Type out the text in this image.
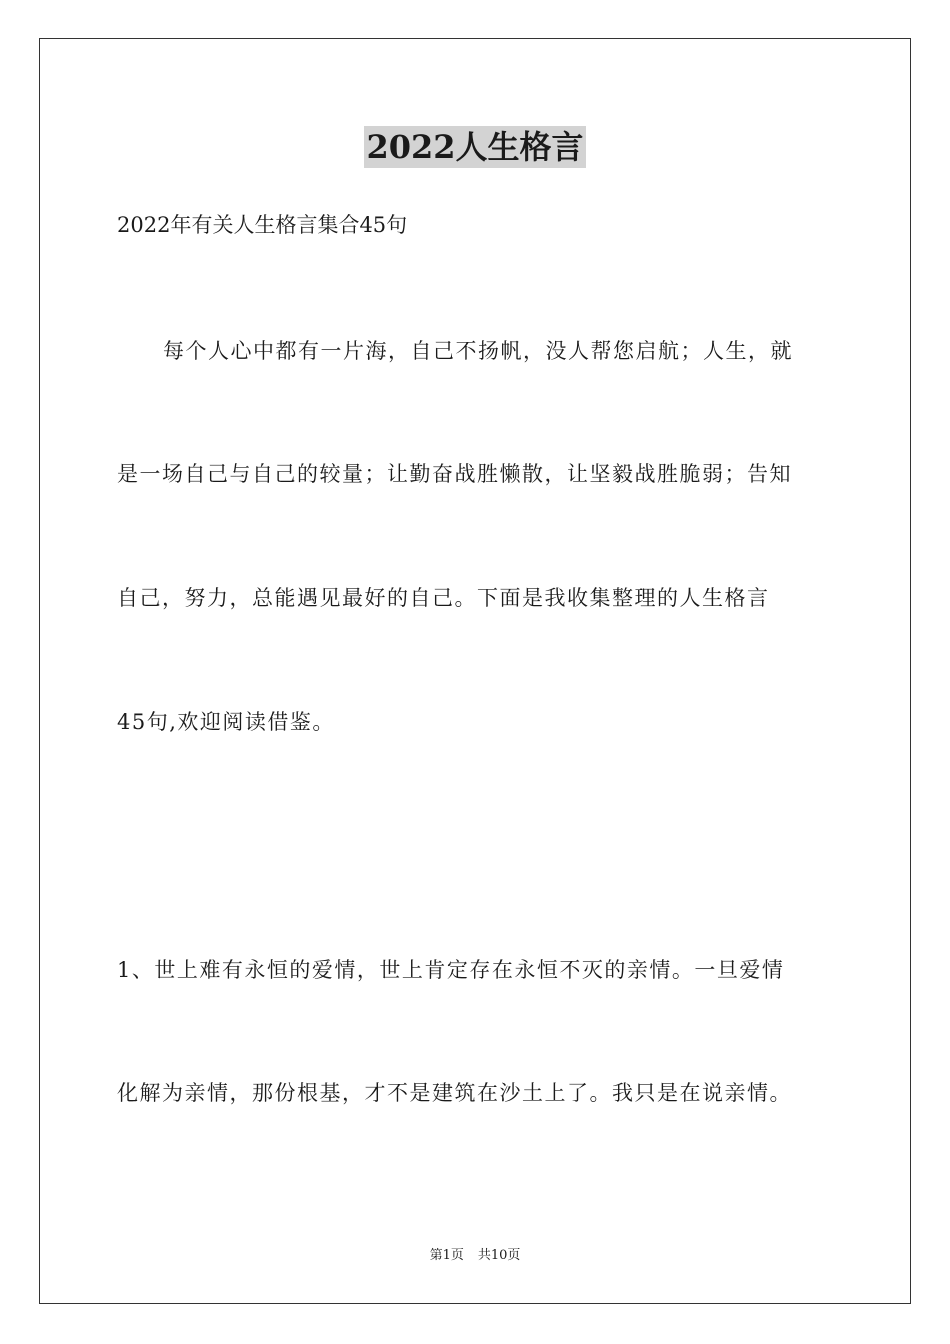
2022人生格言
2022年有关人生格言集合45句
每个人心中都有一片海，自己不扬帆，没人帮您启航；人生，就
是一场自己与自己的较量；让勤奋战胜懒散，让坚毅战胜脆弱；告知
自己，努力，总能遇见最好的自己。下面是我收集整理的人生格言
45句,欢迎阅读借鉴。
1、世上难有永恒的爱情，世上肯定存在永恒不灭的亲情。一旦爱情
化解为亲情，那份根基，才不是建筑在沙土上了。我只是在说亲情。
第1页 共10页
